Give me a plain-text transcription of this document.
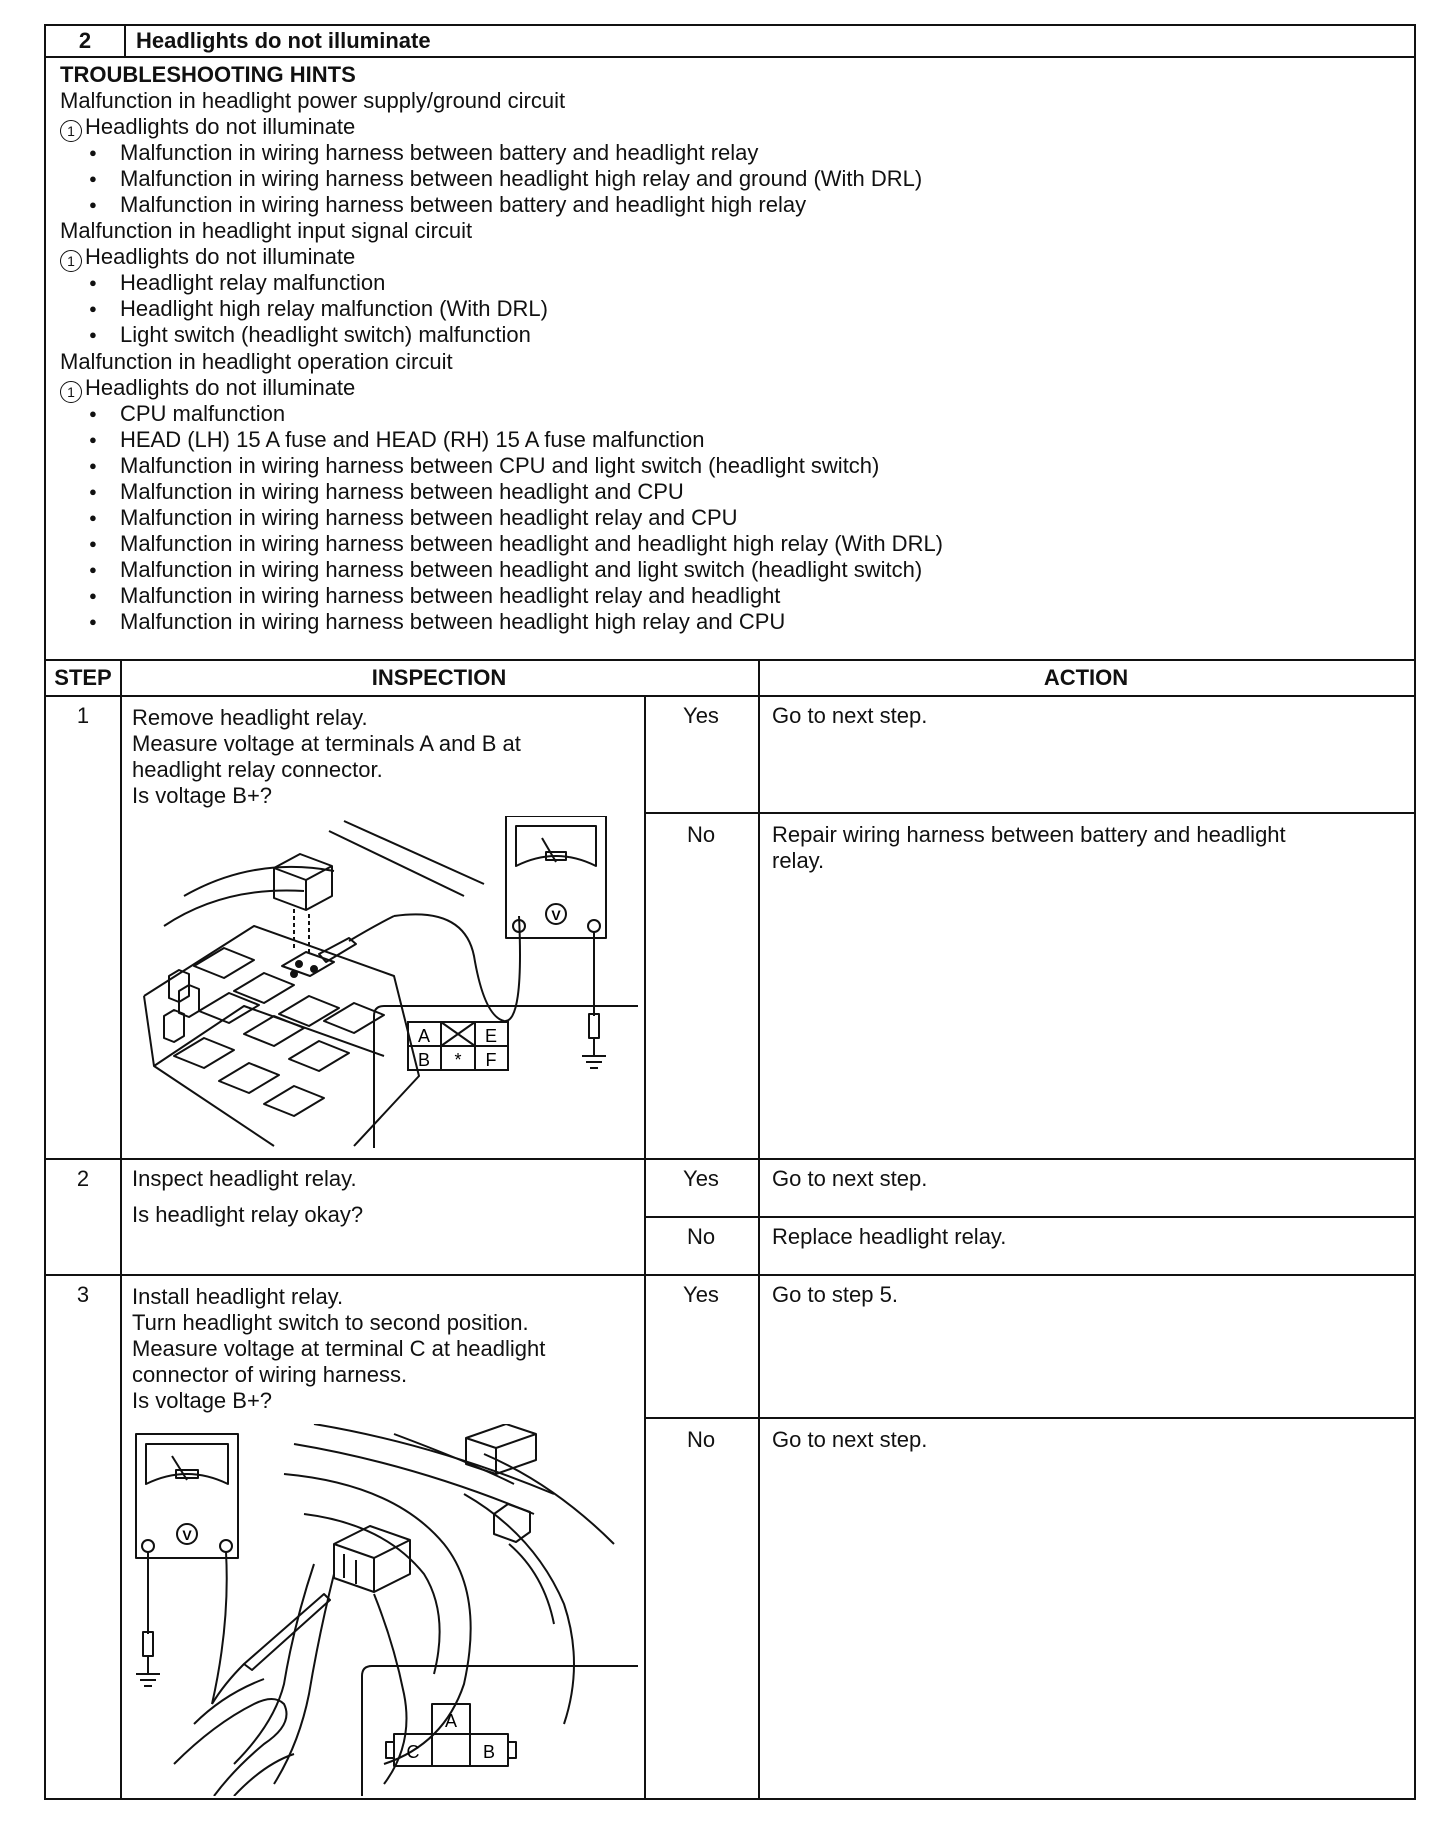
2	Headlights do not illuminate
TROUBLESHOOTING HINTS
Malfunction in headlight power supply/ground circuit
1 Headlights do not illuminate
● Malfunction in wiring harness between battery and headlight relay
● Malfunction in wiring harness between headlight high relay and ground (With DRL)
● Malfunction in wiring harness between battery and headlight high relay
Malfunction in headlight input signal circuit
1 Headlights do not illuminate
● Headlight relay malfunction
● Headlight high relay malfunction (With DRL)
● Light switch (headlight switch) malfunction
Malfunction in headlight operation circuit
1 Headlights do not illuminate
● CPU malfunction
● HEAD (LH) 15 A fuse and HEAD (RH) 15 A fuse malfunction
● Malfunction in wiring harness between CPU and light switch (headlight switch)
● Malfunction in wiring harness between headlight and CPU
● Malfunction in wiring harness between headlight relay and CPU
● Malfunction in wiring harness between headlight and headlight high relay (With DRL)
● Malfunction in wiring harness between headlight and light switch (headlight switch)
● Malfunction in wiring harness between headlight relay and headlight
● Malfunction in wiring harness between headlight high relay and CPU
STEP	INSPECTION	ACTION
1	Remove headlight relay.
Measure voltage at terminals A and B at
headlight relay connector.
Is voltage B+?
Yes	Go to next step.
No	Repair wiring harness between battery and headlight
relay.
V
A	E
B * F
2	Inspect headlight relay.
Is headlight relay okay?
Yes	Go to next step.
No	Replace headlight relay.
3	Install headlight relay.
Turn headlight switch to second position.
Measure voltage at terminal C at headlight
connector of wiring harness.
Is voltage B+?
Yes	Go to step 5.
No	Go to next step.
V
A
C	B
